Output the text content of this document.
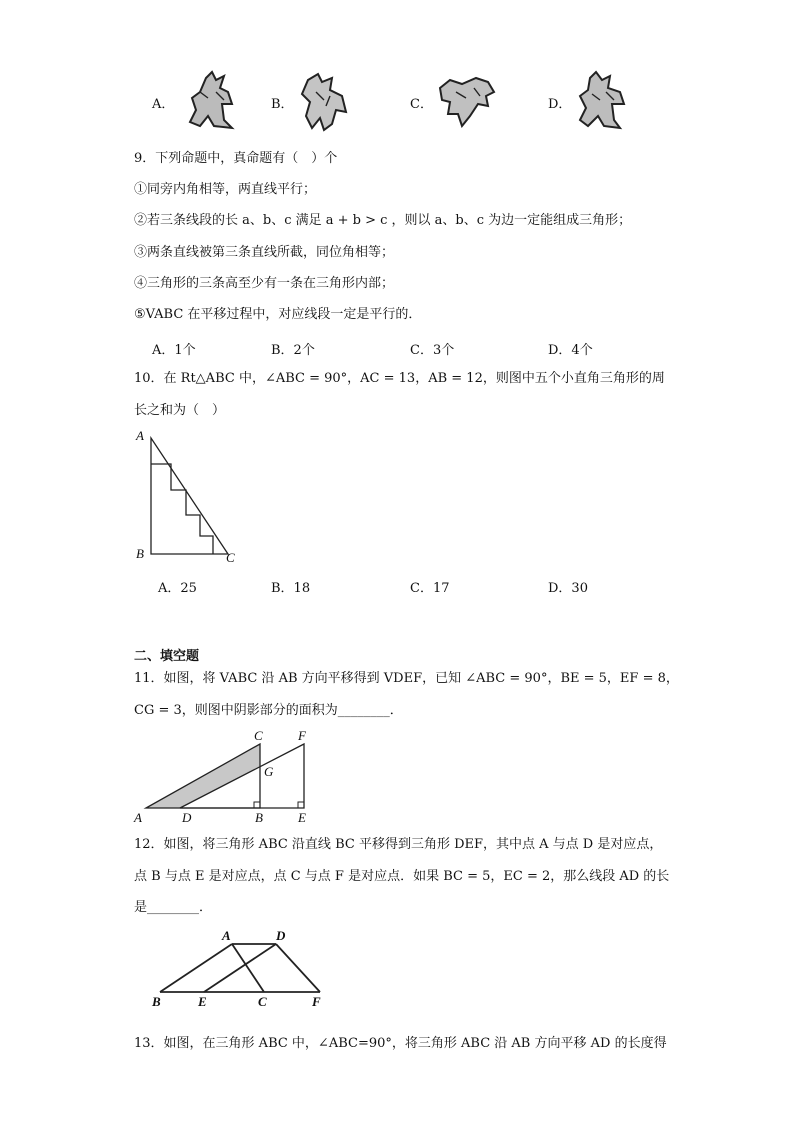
A．	B．	C．	D．
9．下列命题中，真命题有（　）个
①同旁内角相等，两直线平行；
②若三条线段的长 a、b、c 满足 a + b > c ，则以 a、b、c 为边一定能组成三角形；
③两条直线被第三条直线所截，同位角相等；
④三角形的三条高至少有一条在三角形内部；
⑤VABC 在平移过程中，对应线段一定是平行的．
A．1个	B．2个	C．3个	D．4个
10．在 Rt△ABC 中，∠ABC = 90°，AC = 13，AB = 12，则图中五个小直角三角形的周
长之和为（　）
A
B	C
A．25	B．18	C．17	D．30
二、填空题
11．如图，将 VABC 沿 AB 方向平移得到 VDEF，已知 ∠ABC = 90°，BE = 5，EF = 8，
CG = 3，则图中阴影部分的面积为________．
A	D	B	E
C	F
G
12．如图，将三角形 ABC 沿直线 BC 平移得到三角形 DEF，其中点 A 与点 D 是对应点，
点 B 与点 E 是对应点，点 C 与点 F 是对应点．如果 BC = 5，EC = 2，那么线段 AD 的长
是________．
A	D
B	E	C	F
13．如图，在三角形 ABC 中，∠ABC=90°，将三角形 ABC 沿 AB 方向平移 AD 的长度得
